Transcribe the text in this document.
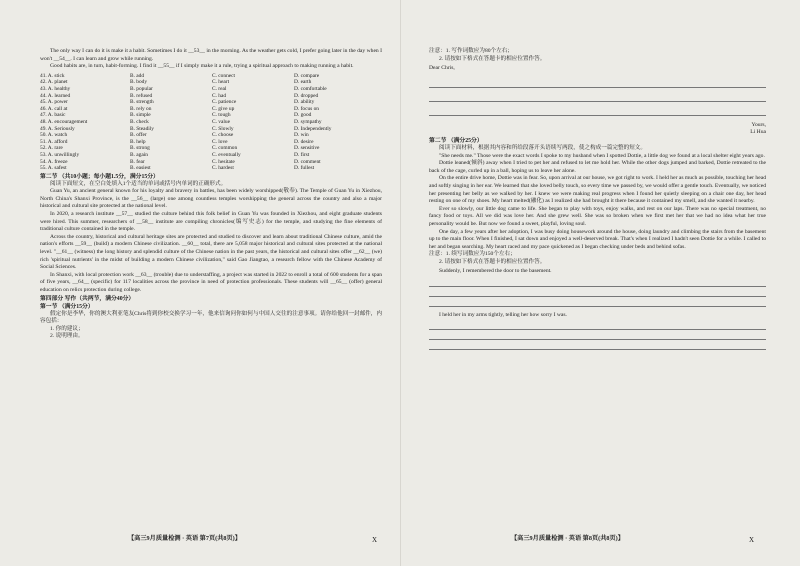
The only way I can do it is make it a habit. Sometimes I do it __53__ in the morning. As the weather gets cold, I prefer going later in the day when I won't __54__. I can learn and grow while running.

Good habits are, in turn, habit-forming. I find it __55__ if I simply make it a rule, trying a spiritual approach to making running a habit.

41. A. stick	B. add	C. connect	D. compare
42. A. planet	B. body	C. heart	D. earth
43. A. healthy	B. popular	C. real	D. comfortable
44. A. learned	B. refused	C. had	D. dropped
45. A. power	B. strength	C. patience	D. ability
46. A. call at	B. rely on	C. give up	D. focus on
47. A. basic	B. simple	C. tough	D. good
48. A. encouragement	B. check	C. value	D. sympathy
49. A. Seriously	B. Steadily	C. Slowly	D. Independently
50. A. watch	B. offer	C. choose	D. win
51. A. afford	B. help	C. love	D. desire
52. A. rare	B. strong	C. common	D. sensitive
53. A. unwillingly	B. again	C. eventually	D. first
54. A. freeze	B. fear	C. hesitate	D. comment
55. A. safest	B. easiest	C. hardest	D. fullest

第二节 （共10小题；每小题1.5分，满分15分）

阅读下面短文，在空白处填入1个适当的单词或括号内单词的正确形式。

Guan Yu, an ancient general known for his loyalty and bravery in battles, has been widely worshipped(敬奉). The Temple of Guan Yu in Xiezhou, North China's Shanxi Province, is the __56__ (large) one among countless temples worshipping the general across the country and also a major historical and cultural site protected at the national level.

In 2020, a research institute __57__ studied the culture behind this folk belief in Guan Yu was founded in Xiezhou, and eight graduate students were hired. This summer, researchers of __58__ institute are compiling chronicles(编写史志) for the temple, and studying the fine elements of traditional culture contained in the temple.

Across the country, historical and cultural heritage sites are protected and studied to discover and learn about traditional Chinese culture, amid the nation's efforts __59__ (build) a modern Chinese civilization. __60__ total, there are 5,058 major historical and cultural sites protected at the national level. "__61__ (witness) the long history and splendid culture of the Chinese nation in the past years, the historical and cultural sites offer __62__ (we) rich 'spiritual nutrients' in the midst of building a modern Chinese civilization," said Gao Jiangtao, a research fellow with the Chinese Academy of Social Sciences.

In Shanxi, with local protection work __63__ (trouble) due to understaffing, a project was started in 2022 to enroll a total of 600 students for a span of five years, __64__ (specific) for 117 localities across the province in need of protection professionals. These students will __65__ (offer) general education on relics protection during college.

第四部分 写作（共两节，满分40分）

第一节 （满分15分）

假定你是李华，你的澳大利亚笔友Chris将到你校交换学习一年，他来信询问你如何与中国人交往的注意事项。请你给他回一封邮件，内容包括：

1. 你的建议；

2. 说明理由。

【高三9月质量检测 · 英语 第7页(共8页)】	X

注意：1. 写作词数应为80个左右；

2. 请按如下格式在答题卡的相应位置作答。

Dear Chris,

Yours,
Li Hua

第二节 （满分25分）

阅读下面材料，根据其内容和所给段落开头语续写两段，使之构成一篇完整的短文。

"She needs me." Those were the exact words I spoke to my husband when I spotted Dottie, a little dog we found at a local shelter eight years ago.

Dottie leaned(倾斜) away when I tried to pet her and refused to let me hold her. While the other dogs jumped and barked, Dottie retreated to the back of the cage, curled up in a ball, hoping us to leave her alone.

On the entire drive home, Dottie was in fear. So, upon arrival at our house, we got right to work. I held her as much as possible, touching her head and softly singing in her ear. We learned that she loved belly touch, so every time we passed by, we would offer a gentle touch. Eventually, we noticed her presenting her belly as we walked by her. I knew we were making real progress when I found her quietly sleeping on a chair one day, her head resting on one of my shoes. My heart melted(融化) as I realized she had brought it there because it contained my smell, and she wanted it nearby.

Ever so slowly, our little dog came to life. She began to play with toys, enjoy walks, and rest on our laps. There was no special treatment, no fancy food or toys. All we did was love her. And she grew well. She was so broken when we first met her that we had no idea what her true personality would be. But now we found a sweet, playful, loving soul.

One day, a few years after her adoption, I was busy doing housework around the house, doing laundry and climbing the stairs from the basement up to the main floor. When I finished, I sat down and enjoyed a well-deserved break. That's when I realized I hadn't seen Dottie for a while. I called to her and began searching. My heart raced and my pace quickened as I began checking under beds and behind sofas.

注意：1. 续写词数应为150个左右；

2. 请按如下格式在答题卡的相应位置作答。

Suddenly, I remembered the door to the basement.

I held her in my arms tightly, telling her how sorry I was.

【高三9月质量检测 · 英语 第8页(共8页)】	X
